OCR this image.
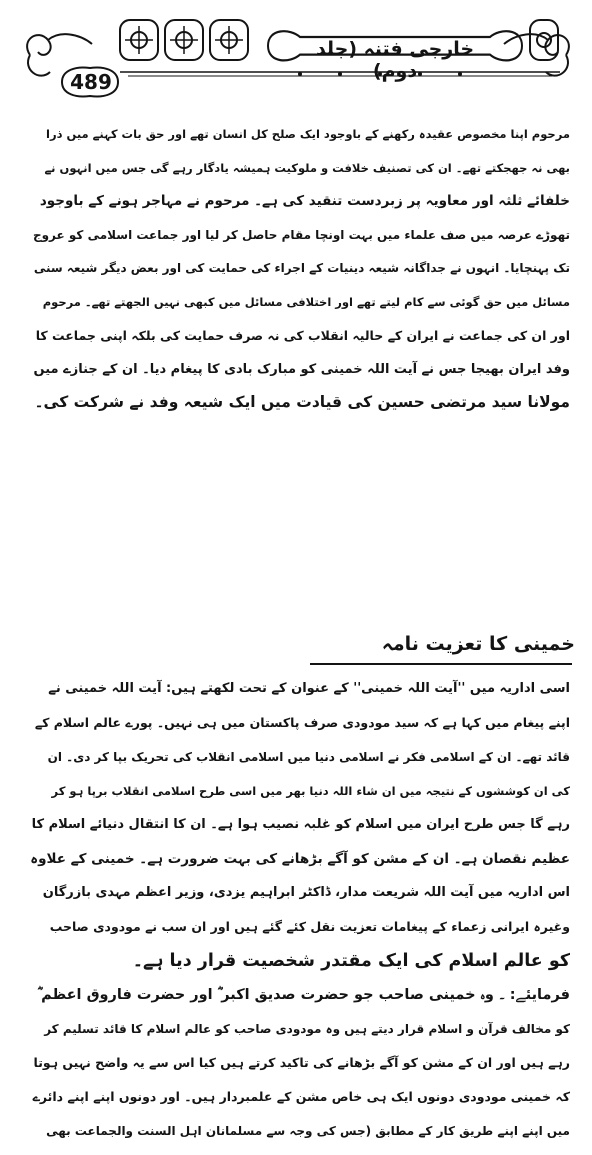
489
خارجی فتنہ (جلد دوم)
مرحوم اپنا مخصوص عقیدہ رکھنے کے باوجود ایک صلح کل انسان تھے اور حق بات کہنے میں ذرا
بھی نہ جھجکتے تھے۔ ان کی تصنیف خلافت و ملوکیت ہمیشہ یادگار رہے گی جس میں انہوں نے
خلفائے ثلثہ اور معاویہ پر زبردست تنقید کی ہے۔ مرحوم نے مہاجر ہونے کے باوجود
تھوڑے عرصہ میں صف علماء میں بہت اونچا مقام حاصل کر لیا اور جماعت اسلامی کو عروج
تک پہنچایا۔ انہوں نے جداگانہ شیعہ دینیات کے اجراء کی حمایت کی اور بعض دیگر شیعہ سنی
مسائل میں حق گوئی سے کام لیتے تھے اور اختلافی مسائل میں کبھی نہیں الجھتے تھے۔ مرحوم
اور ان کی جماعت نے ایران کے حالیہ انقلاب کی نہ صرف حمایت کی بلکہ اپنی جماعت کا
وفد ایران بھیجا جس نے آیت اللہ خمینی کو مبارک بادی کا پیغام دیا۔ ان کے جنازے میں
مولانا سید مرتضی حسین کی قیادت میں ایک شیعہ وفد نے شرکت کی۔
خمینی کا تعزیت نامہ
اسی اداریہ میں ''آیت اللہ خمینی'' کے عنوان کے تحت لکھتے ہیں: آیت اللہ خمینی نے
اپنے پیغام میں کہا ہے کہ سید مودودی صرف پاکستان میں ہی نہیں۔ پورے عالم اسلام کے
قائد تھے۔ ان کے اسلامی فکر نے اسلامی دنیا میں اسلامی انقلاب کی تحریک بپا کر دی۔ ان
کی ان کوششوں کے نتیجہ میں ان شاء اللہ دنیا بھر میں اسی طرح اسلامی انقلاب برپا ہو کر
رہے گا جس طرح ایران میں اسلام کو غلبہ نصیب ہوا ہے۔ ان کا انتقال دنیائے اسلام کا
عظیم نقصان ہے۔ ان کے مشن کو آگے بڑھانے کی بہت ضرورت ہے۔ خمینی کے علاوہ
اس اداریہ میں آیت اللہ شریعت مدار، ڈاکٹر ابراہیم یزدی، وزیر اعظم مہدی بازرگان
وغیرہ ایرانی زعماء کے پیغامات تعزیت نقل کئے گئے ہیں اور ان سب نے مودودی صاحب
کو عالم اسلام کی ایک مقتدر شخصیت قرار دیا ہے۔
فرمایئے: ۔ وہ خمینی صاحب جو حضرت صدیق اکبر ؓ اور حضرت فاروق اعظم ؓ
کو مخالف قرآن و اسلام قرار دیتے ہیں وہ مودودی صاحب کو عالم اسلام کا قائد تسلیم کر
رہے ہیں اور ان کے مشن کو آگے بڑھانے کی تاکید کرتے ہیں کیا اس سے یہ واضح نہیں ہوتا
کہ خمینی مودودی دونوں ایک ہی خاص مشن کے علمبردار ہیں۔ اور دونوں اپنے اپنے دائرے
میں اپنے اپنے طریق کار کے مطابق (جس کی وجہ سے مسلمانان اہل السنت والجماعت بھی
